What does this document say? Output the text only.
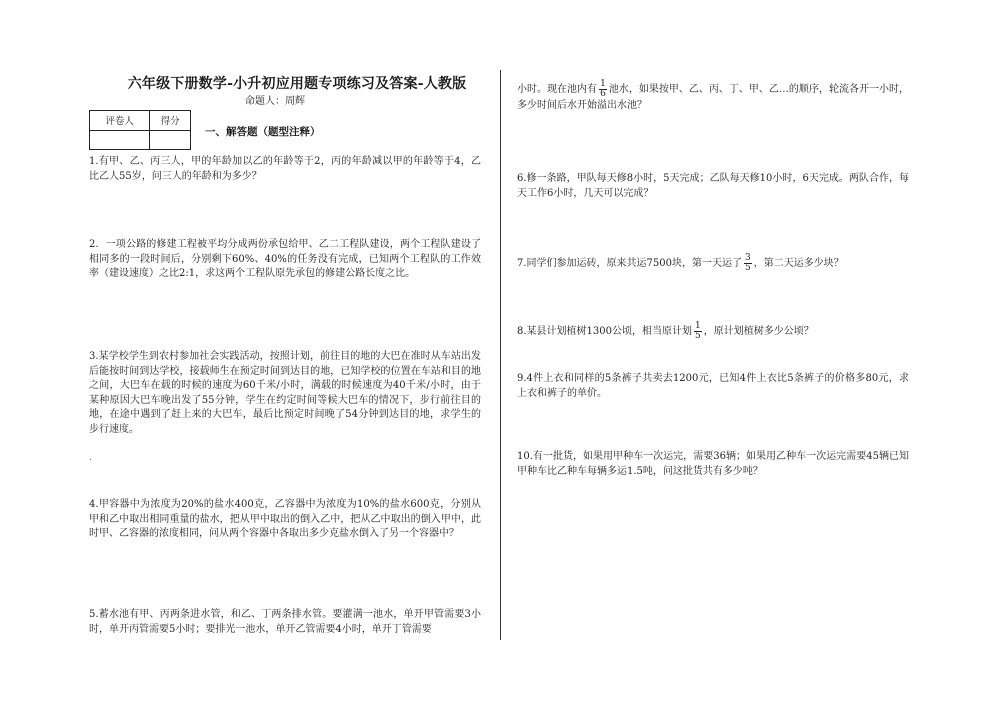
六年级下册数学-小升初应用题专项练习及答案-人教版
命题人：周辉
评卷人	得分

一、解答题（题型注释）

1.有甲、乙、丙三人，甲的年龄加以乙的年龄等于2，丙的年龄减以甲的年龄等于4，乙比乙人55岁，问三人的年龄和为多少？

2．一项公路的修建工程被平均分成两份承包给甲、乙二工程队建设，两个工程队建设了相同多的一段时间后，分别剩下60%、40%的任务没有完成，已知两个工程队的工作效率（建设速度）之比2:1，求这两个工程队原先承包的修建公路长度之比。

3.某学校学生到农村参加社会实践活动，按照计划，前往目的地的大巴在准时从车站出发后能按时间到达学校，接载师生在预定时间到达目的地，已知学校的位置在车站和目的地之间，大巴车在载的时候的速度为60千米/小时，满载的时候速度为40千米/小时，由于某种原因大巴车晚出发了55分钟，学生在约定时间等候大巴车的情况下，步行前往目的地，在途中遇到了赶上来的大巴车，最后比预定时间晚了54分钟到达目的地，求学生的步行速度。

.

4.甲容器中为浓度为20%的盐水400克，乙容器中为浓度为10%的盐水600克，分别从甲和乙中取出相同重量的盐水，把从甲中取出的倒入乙中，把从乙中取出的倒入甲中，此时甲、乙容器的浓度相同，问从两个容器中各取出多少克盐水倒入了另一个容器中？

5.蓄水池有甲、丙两条进水管，和乙、丁两条排水管。要灌满一池水，单开甲管需要3小时，单开丙管需要5小时；要排光一池水，单开乙管需要4小时，单开丁管需要

小时。现在池内有 $\frac{1}{6}$ 池水，如果按甲、乙、丙、丁、甲、乙…的顺序，轮流各开一小时，多少时间后水开始溢出水池？

6.修一条路，甲队每天修8小时，5天完成；乙队每天修10小时，6天完成。两队合作，每天工作6小时，几天可以完成？

7.同学们参加运砖，原来共运7500块，第一天运了 $\frac{3}{5}$ ，第二天运多少块？

8.某县计划植树1300公顷，相当原计划 $\frac{1}{5}$ ，原计划植树多少公顷？

9.4件上衣和同样的5条裤子共卖去1200元，已知4件上衣比5条裤子的价格多80元，求上衣和裤子的单价。

10.有一批货，如果用甲种车一次运完，需要36辆；如果用乙种车一次运完需要45辆已知甲种车比乙种车每辆多运1.5吨，问这批货共有多少吨？
